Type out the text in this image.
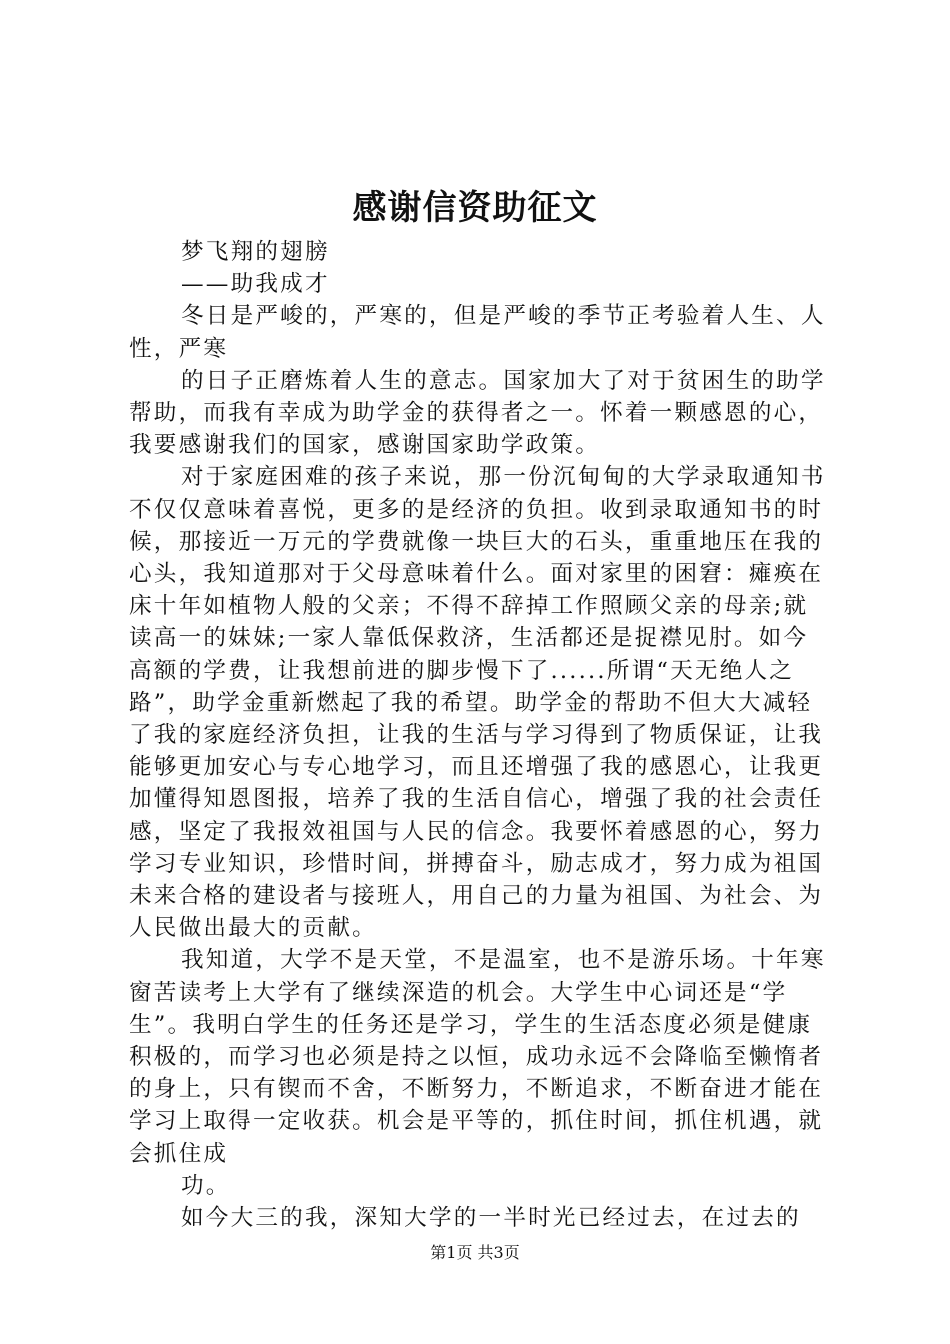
感谢信资助征文

梦飞翔的翅膀

——助我成才

冬日是严峻的，严寒的，但是严峻的季节正考验着人生、人性，严寒

的日子正磨炼着人生的意志。国家加大了对于贫困生的助学帮助，而我有幸成为助学金的获得者之一。怀着一颗感恩的心，我要感谢我们的国家，感谢国家助学政策。

对于家庭困难的孩子来说，那一份沉甸甸的大学录取通知书不仅仅意味着喜悦，更多的是经济的负担。收到录取通知书的时候，那接近一万元的学费就像一块巨大的石头，重重地压在我的心头，我知道那对于父母意味着什么。面对家里的困窘：瘫痪在床十年如植物人般的父亲；不得不辞掉工作照顾父亲的母亲;就读高一的妹妹;一家人靠低保救济，生活都还是捉襟见肘。如今高额的学费，让我想前进的脚步慢下了......所谓“天无绝人之路”，助学金重新燃起了我的希望。助学金的帮助不但大大减轻了我的家庭经济负担，让我的生活与学习得到了物质保证，让我能够更加安心与专心地学习，而且还增强了我的感恩心，让我更加懂得知恩图报，培养了我的生活自信心，增强了我的社会责任感，坚定了我报效祖国与人民的信念。我要怀着感恩的心，努力学习专业知识，珍惜时间，拼搏奋斗，励志成才，努力成为祖国未来合格的建设者与接班人，用自己的力量为祖国、为社会、为人民做出最大的贡献。

我知道，大学不是天堂，不是温室，也不是游乐场。十年寒窗苦读考上大学有了继续深造的机会。大学生中心词还是“学生”。我明白学生的任务还是学习，学生的生活态度必须是健康积极的，而学习也必须是持之以恒，成功永远不会降临至懒惰者的身上，只有锲而不舍，不断努力，不断追求，不断奋进才能在学习上取得一定收获。机会是平等的，抓住时间，抓住机遇，就会抓住成

功。

如今大三的我，深知大学的一半时光已经过去，在过去的

第1页 共3页
